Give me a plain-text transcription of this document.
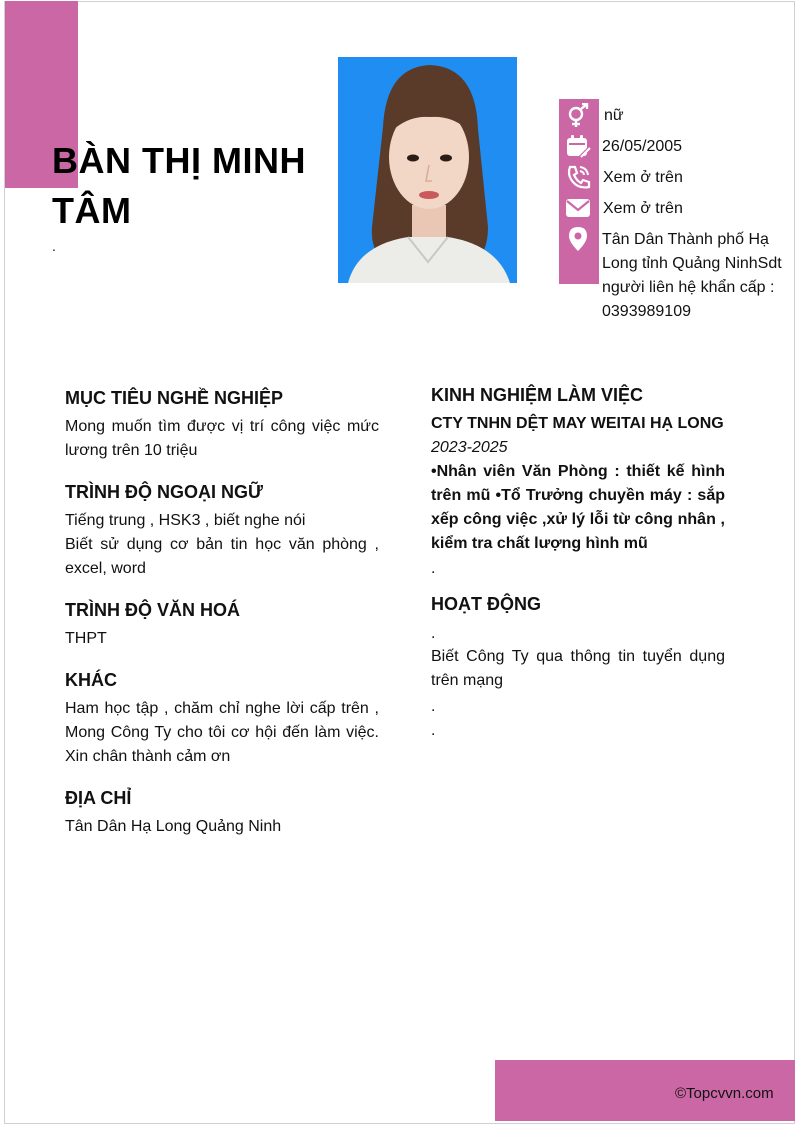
BÀN THỊ MINH TÂM
.
nữ
26/05/2005
Xem ở trên
Xem ở trên
Tân Dân Thành phố Hạ Long tỉnh Quảng NinhSdt người liên hệ khẩn cấp : 0393989109
MỤC TIÊU NGHỀ NGHIỆP
Mong muốn tìm được vị trí công việc mức lương trên 10 triệu
TRÌNH ĐỘ NGOẠI NGỮ
Tiếng trung , HSK3 , biết nghe nói
Biết sử dụng cơ bản tin học văn phòng , excel, word
TRÌNH ĐỘ VĂN HOÁ
THPT
KHÁC
Ham học tập , chăm chỉ nghe lời cấp trên , Mong Công Ty cho tôi cơ hội đến làm việc. Xin chân thành cảm ơn
ĐỊA CHỈ
Tân Dân Hạ Long Quảng Ninh
KINH NGHIỆM LÀM VIỆC
CTY TNHN DỆT MAY WEITAI HẠ LONG
2023-2025
•Nhân viên Văn Phòng : thiết kế hình trên mũ •Tổ Trưởng chuyền máy : sắp xếp công việc ,xử lý lỗi từ công nhân , kiểm tra chất lượng hình mũ
.
HOẠT ĐỘNG
.
Biết Công Ty qua thông tin tuyển dụng trên mạng
.
.
©Topcvvn.com
